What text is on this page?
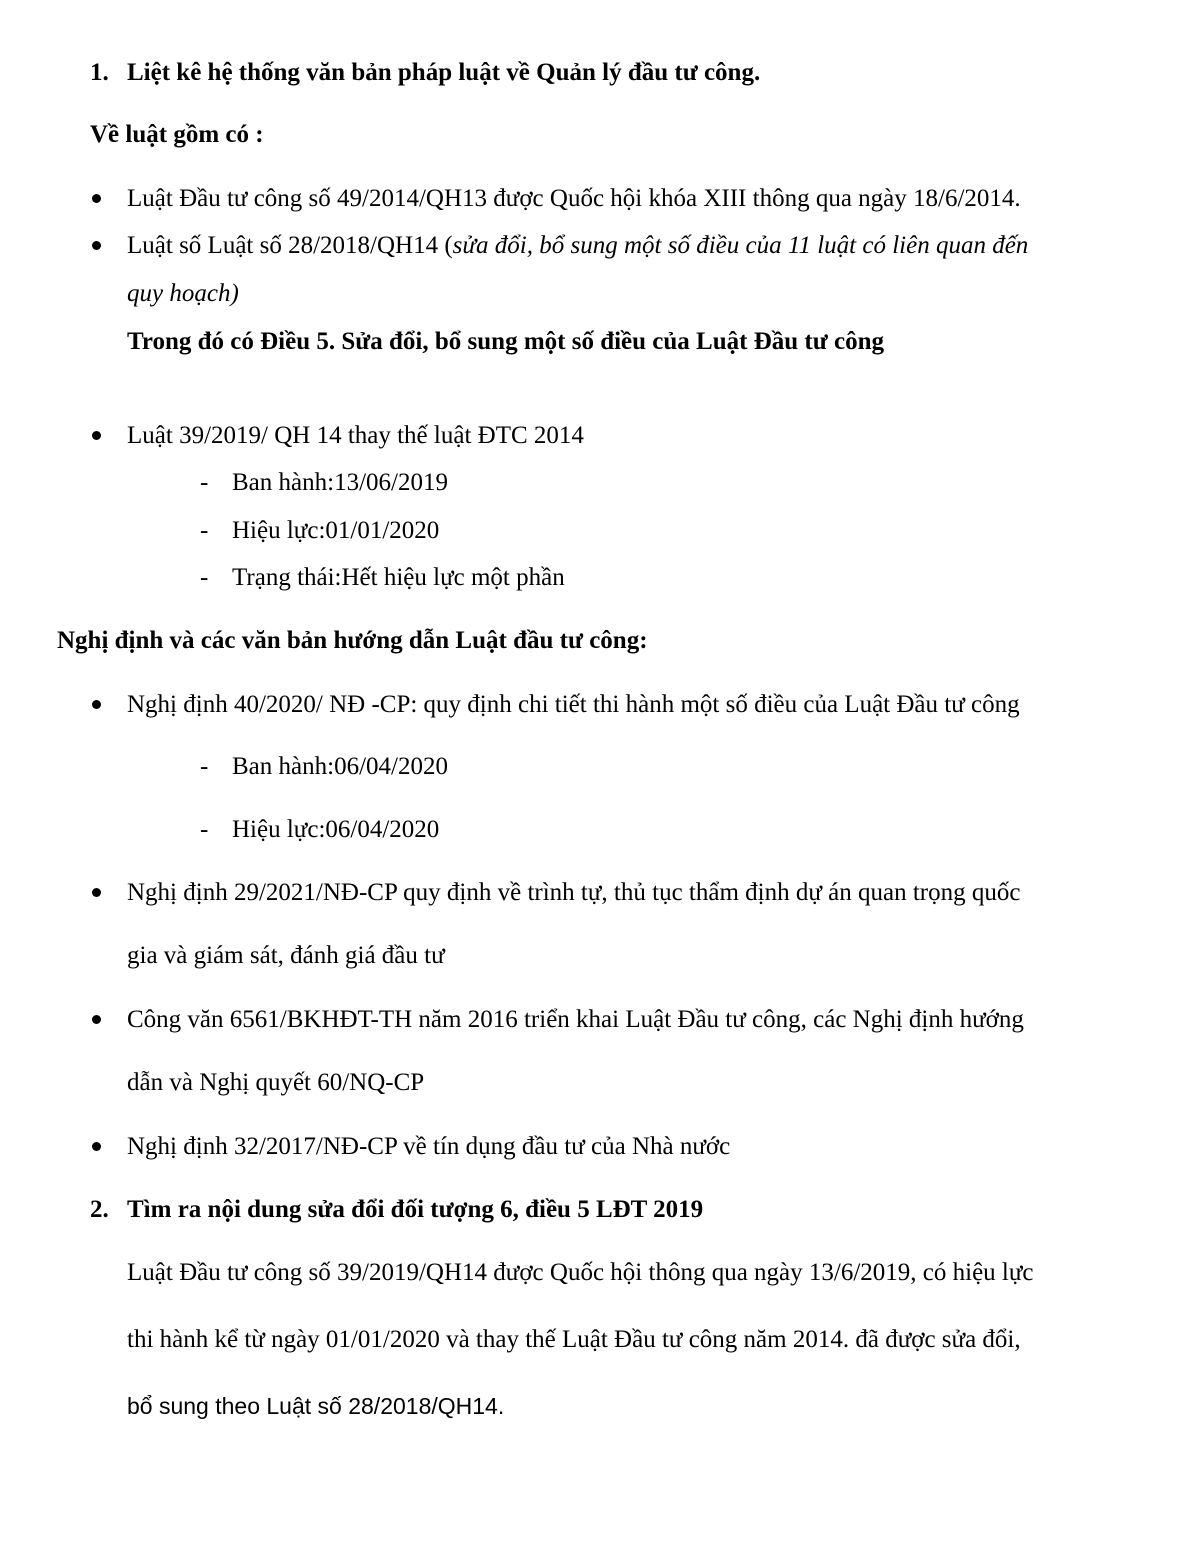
1. Liệt kê hệ thống văn bản pháp luật về Quản lý đầu tư công.
Về luật gồm có :
Luật Đầu tư công số 49/2014/QH13 được Quốc hội khóa XIII thông qua ngày 18/6/2014.
Luật số Luật số 28/2018/QH14 (sửa đổi, bổ sung một số điều của 11 luật có liên quan đến
quy hoạch)
Trong đó có Điều 5. Sửa đổi, bổ sung một số điều của Luật Đầu tư công
Luật 39/2019/ QH 14 thay thế luật ĐTC 2014
- Ban hành:13/06/2019
- Hiệu lực:01/01/2020
- Trạng thái:Hết hiệu lực một phần
Nghị định và các văn bản hướng dẫn Luật đầu tư công:
Nghị định 40/2020/ NĐ -CP: quy định chi tiết thi hành một số điều của Luật Đầu tư công
- Ban hành:06/04/2020
- Hiệu lực:06/04/2020
Nghị định 29/2021/NĐ-CP quy định về trình tự, thủ tục thẩm định dự án quan trọng quốc
gia và giám sát, đánh giá đầu tư
Công văn 6561/BKHĐT-TH năm 2016 triển khai Luật Đầu tư công, các Nghị định hướng
dẫn và Nghị quyết 60/NQ-CP
Nghị định 32/2017/NĐ-CP về tín dụng đầu tư của Nhà nước
2. Tìm ra nội dung sửa đổi đối tượng 6, điều 5 LĐT 2019
Luật Đầu tư công số 39/2019/QH14 được Quốc hội thông qua ngày 13/6/2019, có hiệu lực
thi hành kể từ ngày 01/01/2020 và thay thế Luật Đầu tư công năm 2014. đã được sửa đổi,
bổ sung theo Luật số 28/2018/QH14.
